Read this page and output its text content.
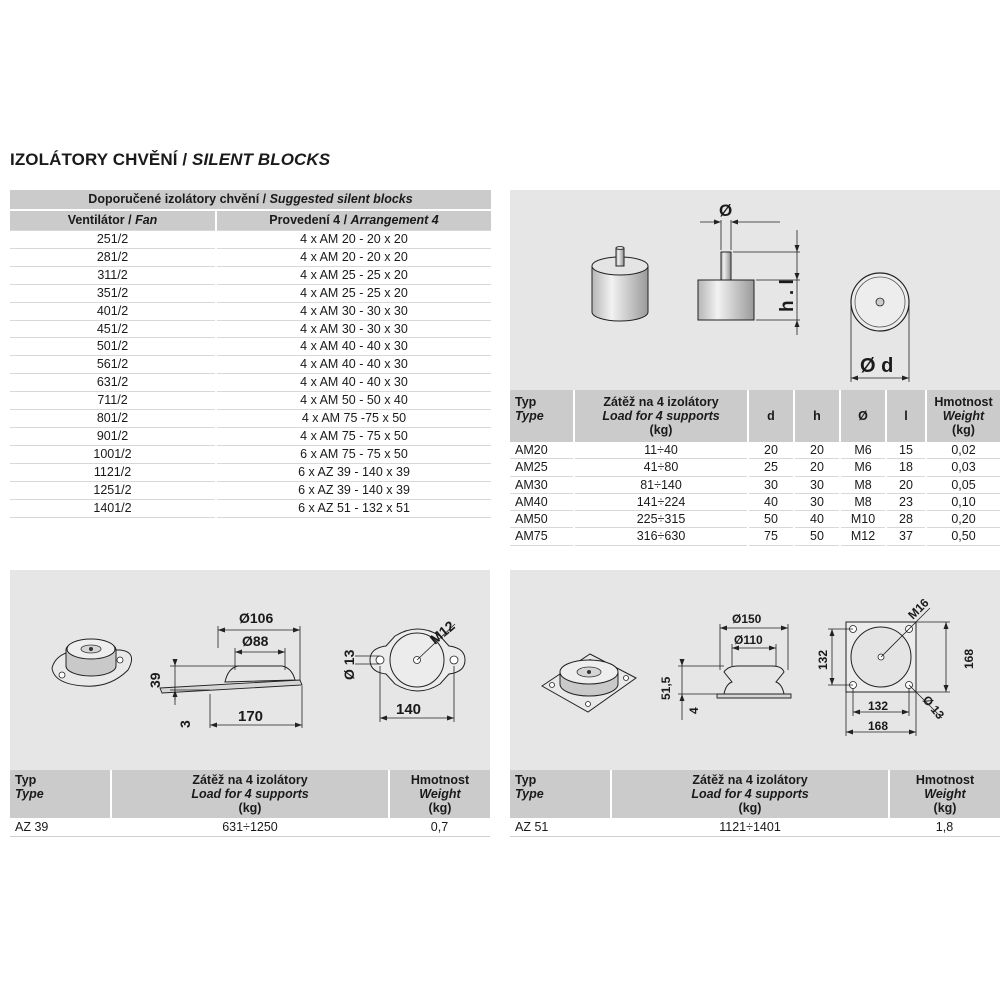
IZOLÁTORY CHVĚNÍ / SILENT BLOCKS
Doporučené izolátory chvění / Suggested silent blocks	
Ventilátor / Fan	Provedení 4 / Arrangement 4
251/2	4 x AM 20 - 20 x 20
281/2	4 x AM 20 - 20 x 20
311/2	4 x AM 25 - 25 x 20
351/2	4 x AM 25 - 25 x 20
401/2	4 x AM 30 - 30 x 30
451/2	4 x AM 30 - 30 x 30
501/2	4 x AM 40 - 40 x 30
561/2	4 x AM 40 - 40 x 30
631/2	4 x AM 40 - 40 x 30
711/2	4 x AM 50 - 50 x 40
801/2	4 x AM 75 -75 x 50
901/2	4 x AM 75 - 75 x 50
1001/2	6 x AM 75 - 75 x 50
1121/2	6 x AZ 39 - 140 x 39
1251/2	6 x AZ 39 - 140 x 39
1401/2	6 x AZ 51 - 132 x 51
Ø
h . l
Ø d
Typ
Type	Zátěž na 4 izolátory
Load for 4 supports
(kg)	d	h	Ø	l	Hmotnost
Weight
(kg)
AM20	11÷40	20	20	M6	15	0,02
AM25	41÷80	25	20	M6	18	0,03
AM30	81÷140	30	30	M8	20	0,05
AM40	141÷224	40	30	M8	23	0,10
AM50	225÷315	50	40	M10	28	0,20
AM75	316÷630	75	50	M12	37	0,50
Ø106
Ø88
39
3	170
M12
Ø 13
140
Ø150
Ø110
51,5
4
M16
132	168
132
168
Ø 13
Typ
Type	Zátěž na 4 izolátory
Load for 4 supports
(kg)	Hmotnost
Weight
(kg)
AZ 39	631÷1250	0,7
Typ
Type	Zátěž na 4 izolátory
Load for 4 supports
(kg)	Hmotnost
Weight
(kg)
AZ 51	1121÷1401	1,8
